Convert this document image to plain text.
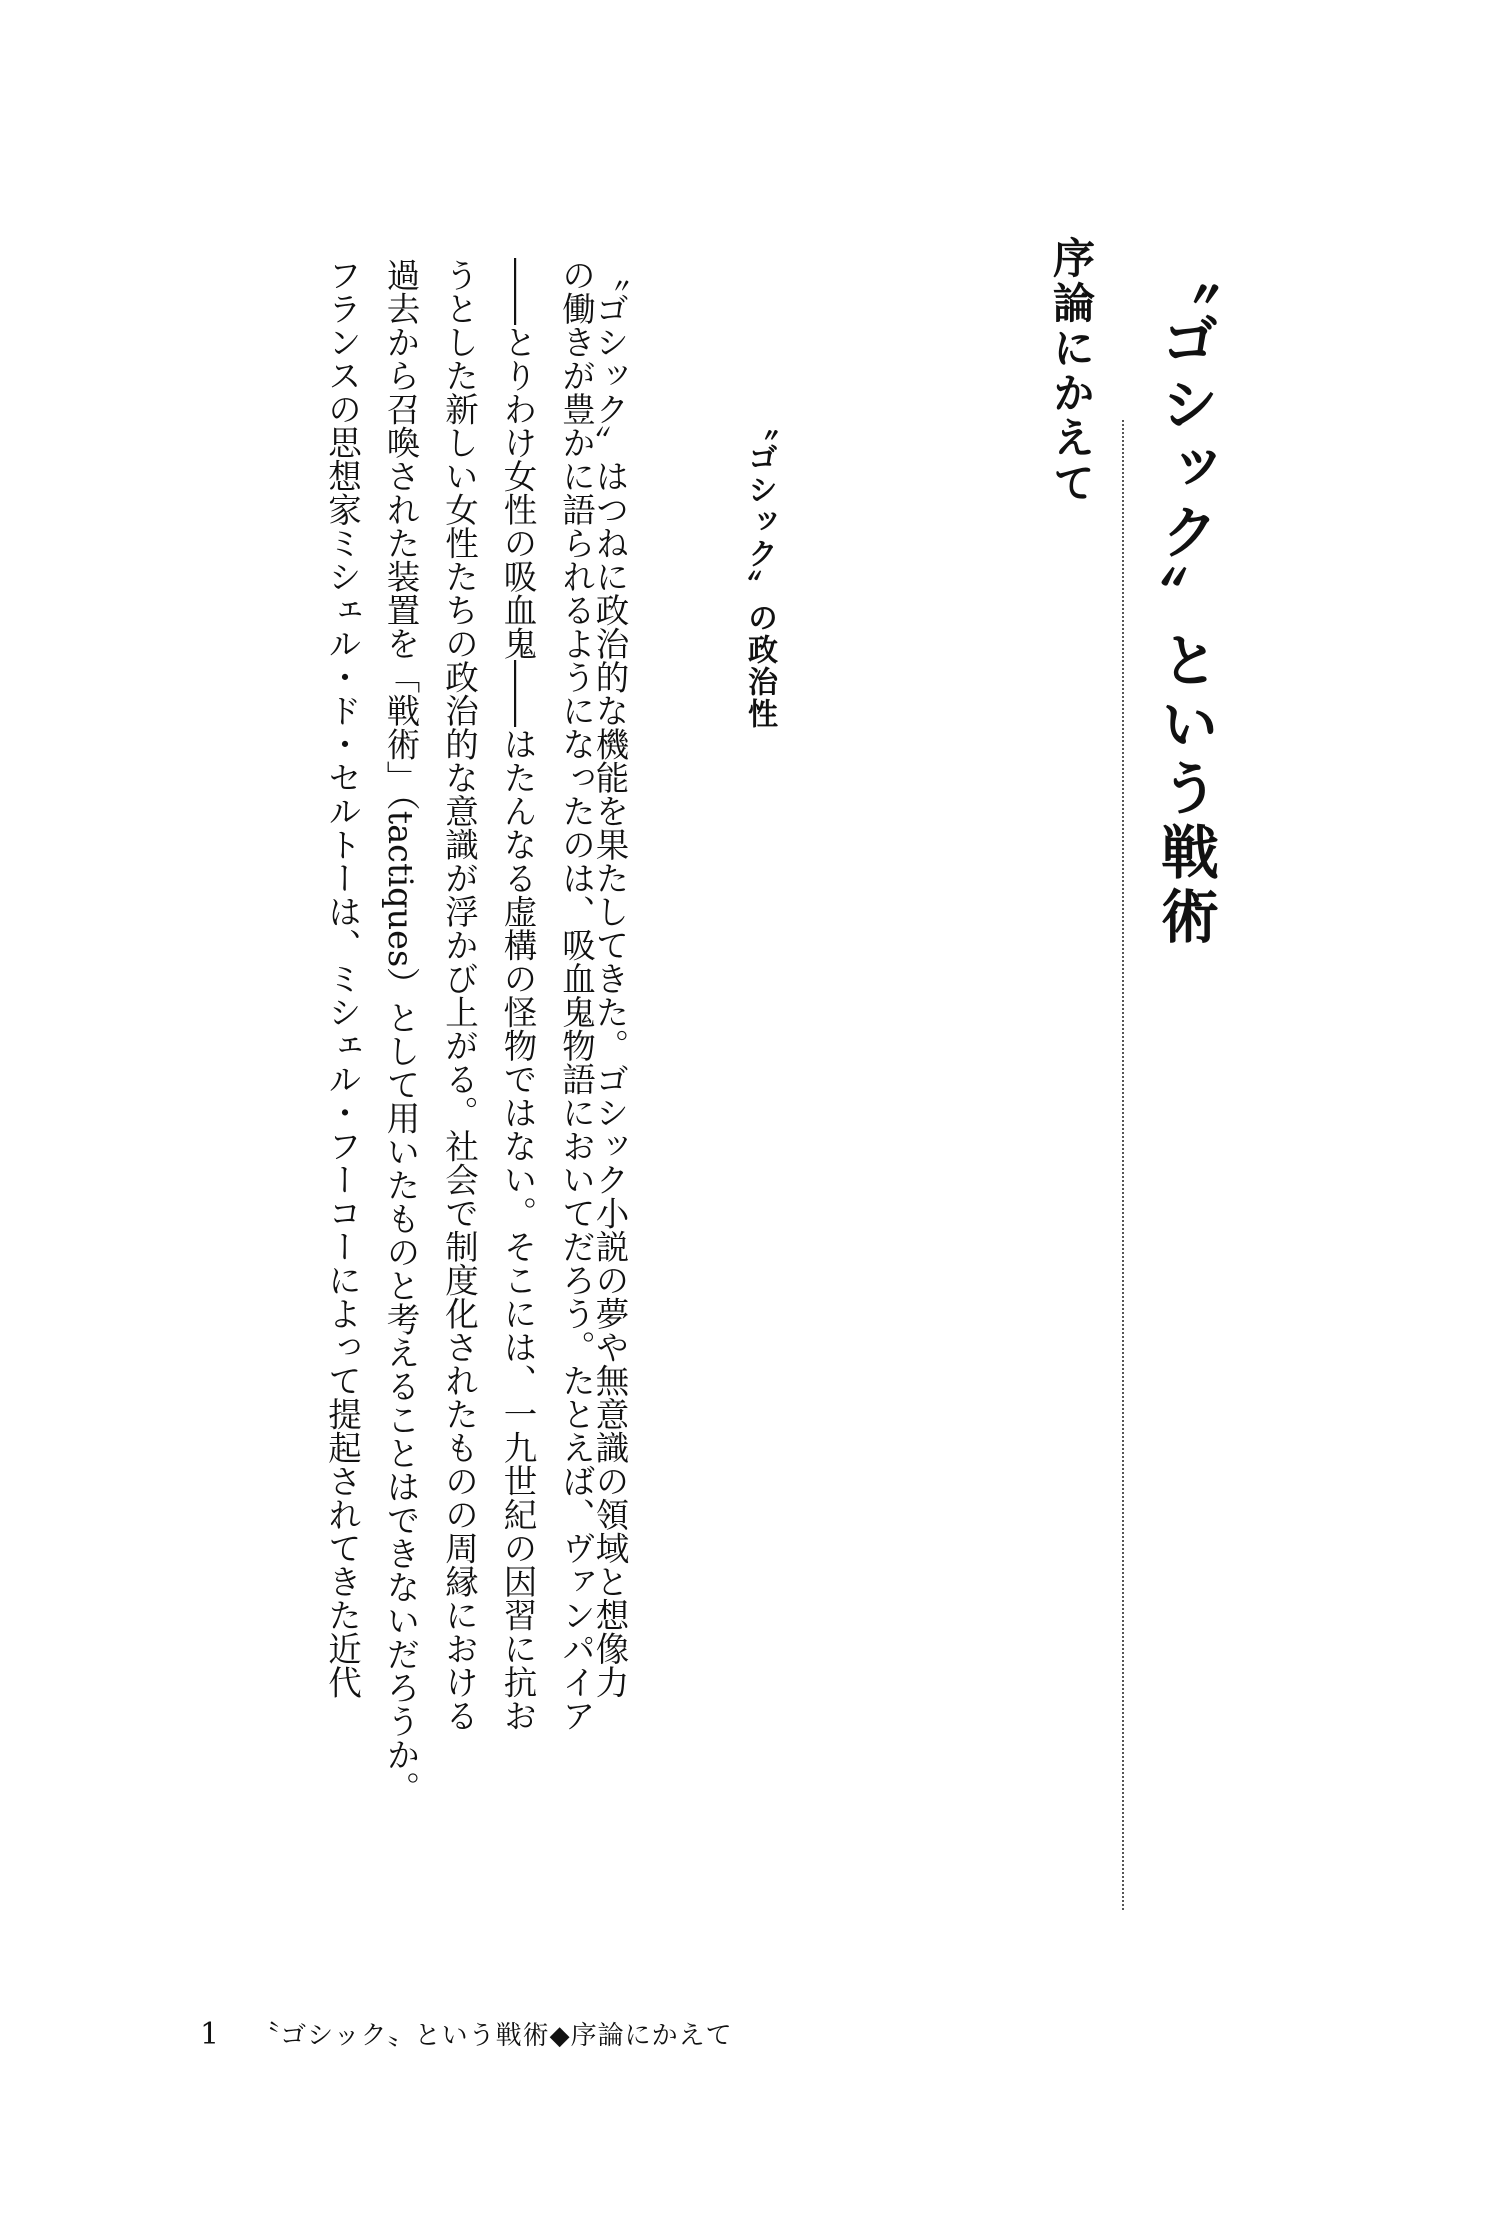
〝ゴシック〟という戦術
序論にかえて
〝ゴシック〟の政治性

〝ゴシック〟はつねに政治的な機能を果たしてきた。ゴシック小説の夢や無意識の領域と想像力

の働きが豊かに語られるようになったのは、吸血鬼物語においてだろう。たとえば、ヴァンパイア

――とりわけ女性の吸血鬼――はたんなる虚構の怪物ではない。そこには、一九世紀の因習に抗お

うとした新しい女性たちの政治的な意識が浮かび上がる。社会で制度化されたものの周縁における

過去から召喚された装置を「戦術」（tactiques）として用いたものと考えることはできないだろうか。

フランスの思想家ミシェル・ド・セルトーは、ミシェル・フーコーによって提起されてきた近代

1 〝ゴシック〟という戦術◆序論にかえて
